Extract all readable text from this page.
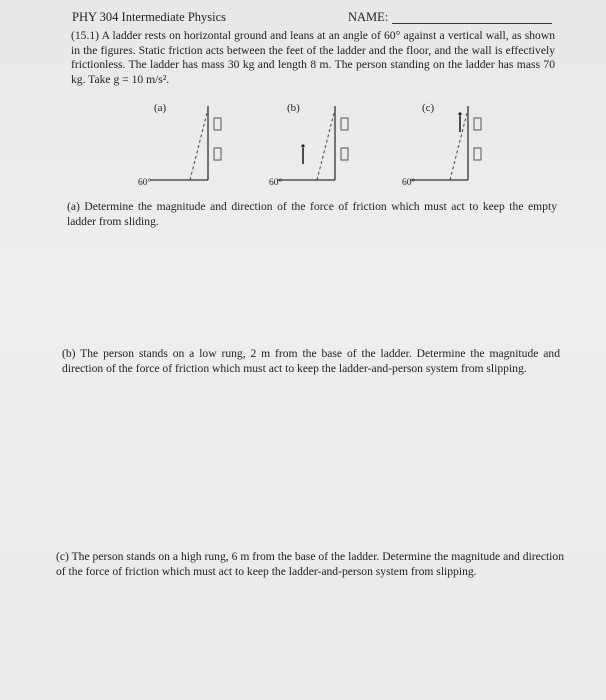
PHY 304 Intermediate Physics	NAME:

(15.1) A ladder rests on horizontal ground and leans at an angle of 60° against a vertical wall, as shown in the figures. Static friction acts between the feet of the ladder and the floor, and the wall is effectively frictionless. The ladder has mass 30 kg and length 8 m. The person standing on the ladder has mass 70 kg. Take g = 10 m/s².

(a)
60°
(b)
60°
(c)
60°

(a) Determine the magnitude and direction of the force of friction which must act to keep the empty ladder from sliding.

(b) The person stands on a low rung, 2 m from the base of the ladder. Determine the magnitude and direction of the force of friction which must act to keep the ladder-and-person system from slipping.

(c) The person stands on a high rung, 6 m from the base of the ladder. Determine the magnitude and direction of the force of friction which must act to keep the ladder-and-person system from slipping.
